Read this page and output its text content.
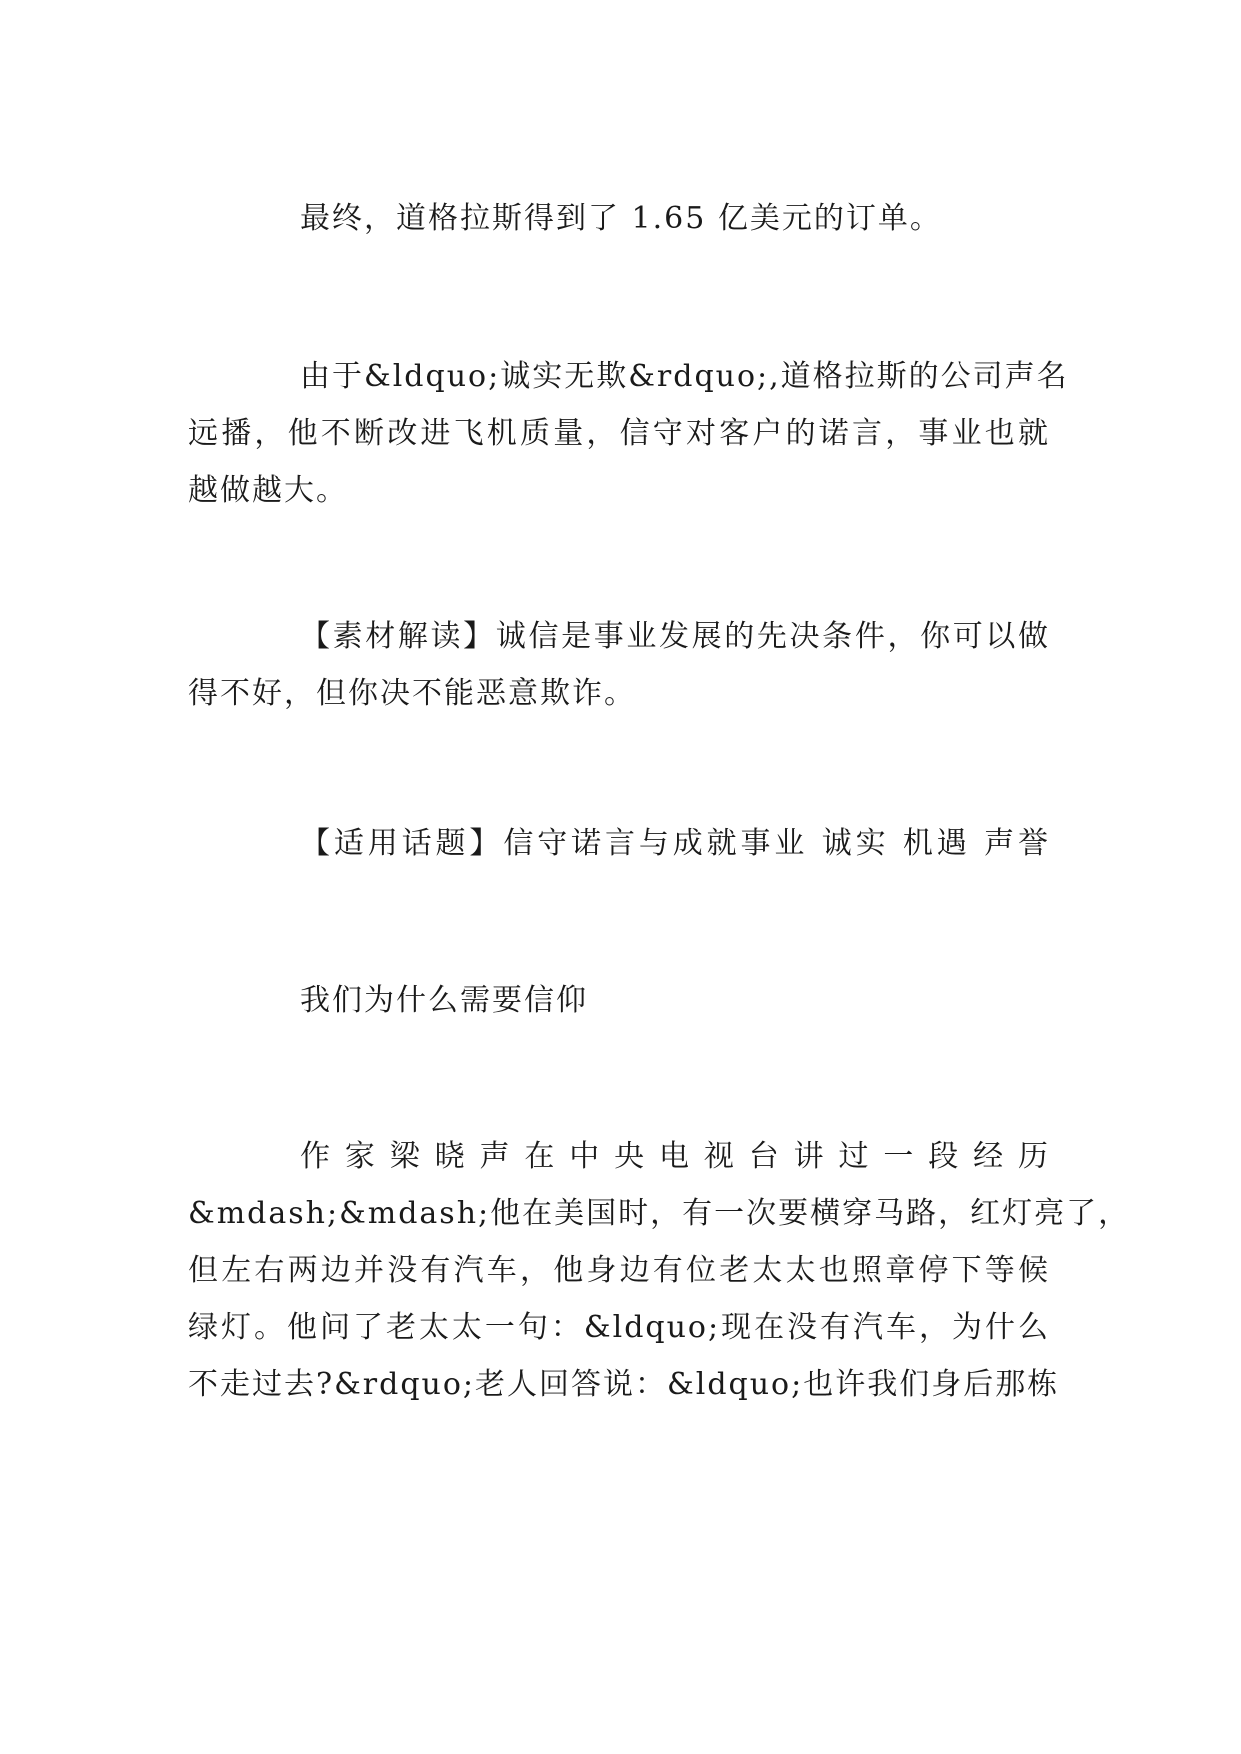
最终，道格拉斯得到了 1.65 亿美元的订单。
由于&ldquo;诚实无欺&rdquo;,道格拉斯的公司声名
远播，他不断改进飞机质量，信守对客户的诺言，事业也就
越做越大。
【素材解读】诚信是事业发展的先决条件，你可以做
得不好，但你决不能恶意欺诈。
【适用话题】信守诺言与成就事业 诚实 机遇 声誉
我们为什么需要信仰
作家梁晓声在中央电视台讲过一段经历
&mdash;&mdash;他在美国时，有一次要横穿马路，红灯亮了，
但左右两边并没有汽车，他身边有位老太太也照章停下等候
绿灯。他问了老太太一句：&ldquo;现在没有汽车，为什么
不走过去?&rdquo;老人回答说：&ldquo;也许我们身后那栋
